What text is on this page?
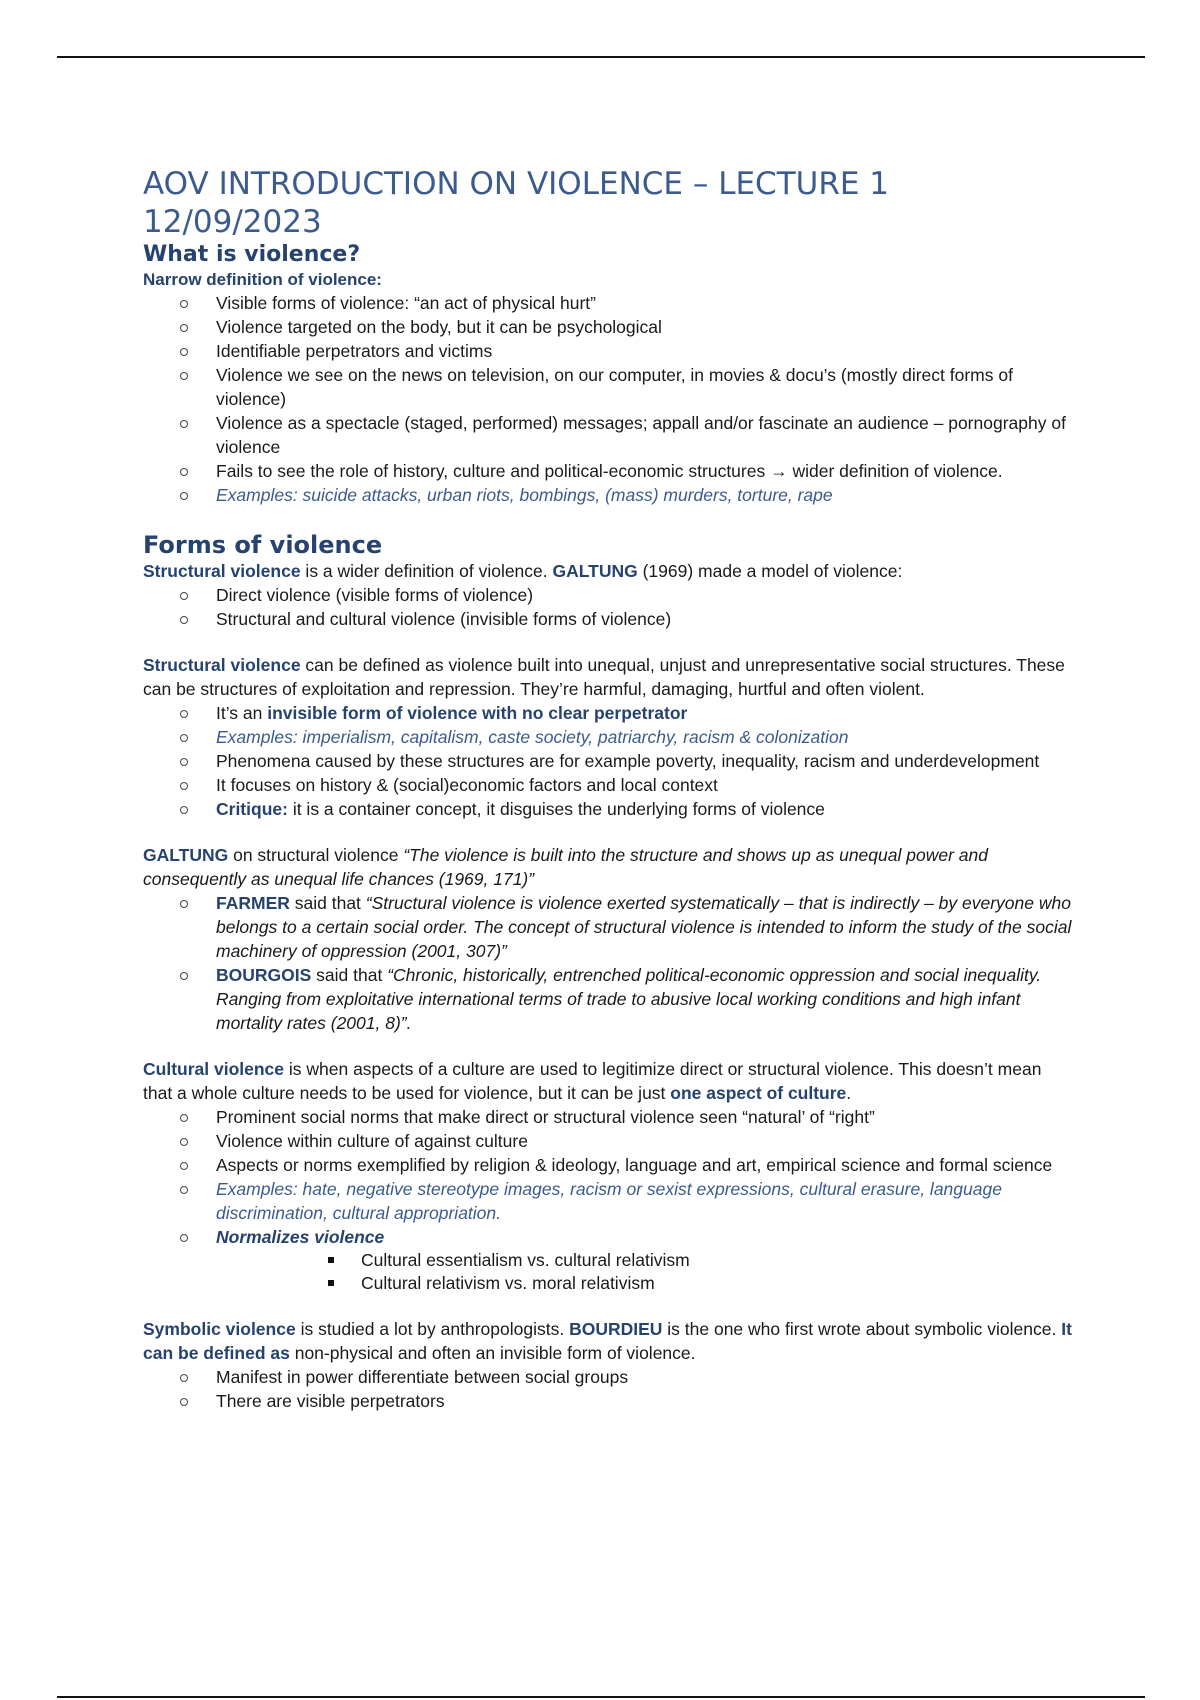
AOV INTRODUCTION ON VIOLENCE – LECTURE 1
12/09/2023
What is violence?
Narrow definition of violence:
Visible forms of violence: “an act of physical hurt”
Violence targeted on the body, but it can be psychological
Identifiable perpetrators and victims
Violence we see on the news on television, on our computer, in movies & docu’s (mostly direct forms of violence)
Violence as a spectacle (staged, performed) messages; appall and/or fascinate an audience – pornography of violence
Fails to see the role of history, culture and political-economic structures → wider definition of violence.
Examples: suicide attacks, urban riots, bombings, (mass) murders, torture, rape
Forms of violence

Structural violence is a wider definition of violence. GALTUNG (1969) made a model of violence:

Direct violence (visible forms of violence)
Structural and cultural violence (invisible forms of violence)

Structural violence can be defined as violence built into unequal, unjust and unrepresentative social structures. These can be structures of exploitation and repression. They’re harmful, damaging, hurtful and often violent.

It’s an invisible form of violence with no clear perpetrator
Examples: imperialism, capitalism, caste society, patriarchy, racism & colonization
Phenomena caused by these structures are for example poverty, inequality, racism and underdevelopment
It focuses on history & (social)economic factors and local context
Critique: it is a container concept, it disguises the underlying forms of violence

GALTUNG on structural violence “The violence is built into the structure and shows up as unequal power and consequently as unequal life chances (1969, 171)”

FARMER said that “Structural violence is violence exerted systematically – that is indirectly – by everyone who belongs to a certain social order. The concept of structural violence is intended to inform the study of the social machinery of oppression (2001, 307)”
BOURGOIS said that “Chronic, historically, entrenched political-economic oppression and social inequality. Ranging from exploitative international terms of trade to abusive local working conditions and high infant mortality rates (2001, 8)”.

Cultural violence is when aspects of a culture are used to legitimize direct or structural violence. This doesn’t mean that a whole culture needs to be used for violence, but it can be just one aspect of culture.

Prominent social norms that make direct or structural violence seen “natural’ of “right”
Violence within culture of against culture
Aspects or norms exemplified by religion & ideology, language and art, empirical science and formal science
Examples: hate, negative stereotype images, racism or sexist expressions, cultural erasure, language discrimination, cultural appropriation.
Normalizes violence
Cultural essentialism vs. cultural relativism
Cultural relativism vs. moral relativism

Symbolic violence is studied a lot by anthropologists. BOURDIEU is the one who first wrote about symbolic violence. It can be defined as non-physical and often an invisible form of violence.

Manifest in power differentiate between social groups
There are visible perpetrators
